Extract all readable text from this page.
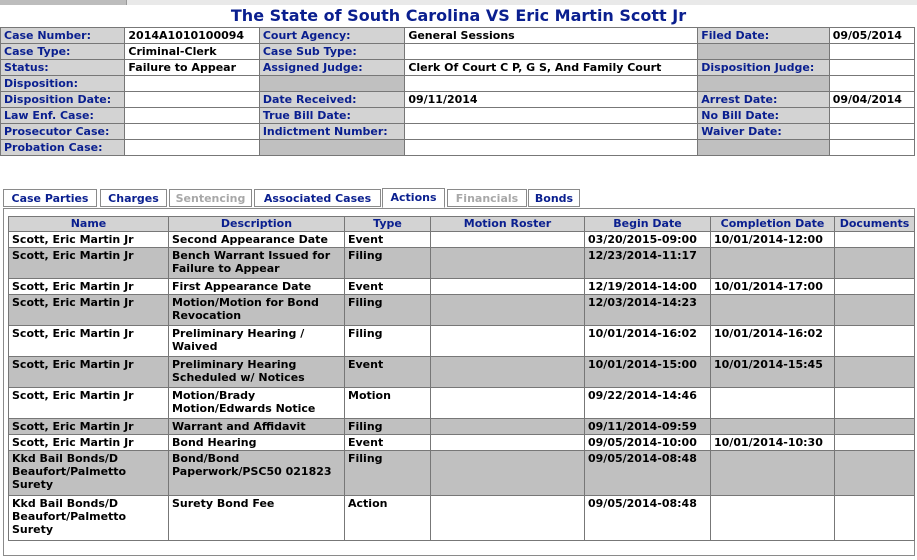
The State of South Carolina VS Eric Martin Scott Jr
Case Number:	2014A1010100094	Court Agency:	General Sessions	Filed Date:	09/05/2014
Case Type:	Criminal-Clerk	Case Sub Type:			
Status:	Failure to Appear	Assigned Judge:	Clerk Of Court C P, G S, And Family Court	Disposition Judge:	
Disposition:					
Disposition Date:		Date Received:	09/11/2014	Arrest Date:	09/04/2014
Law Enf. Case:		True Bill Date:		No Bill Date:	
Prosecutor Case:		Indictment Number:		Waiver Date:	
Probation Case:					
Case Parties	Charges	Sentencing	Associated Cases	Actions	Financials	Bonds
Name	Description	Type	Motion Roster	Begin Date	Completion Date	Documents
Scott, Eric Martin Jr	Second Appearance Date	Event		03/20/2015-09:00	10/01/2014-12:00	
Scott, Eric Martin Jr	Bench Warrant Issued for Failure to Appear	Filing		12/23/2014-11:17		
Scott, Eric Martin Jr	First Appearance Date	Event		12/19/2014-14:00	10/01/2014-17:00	
Scott, Eric Martin Jr	Motion/Motion for Bond Revocation	Filing		12/03/2014-14:23		
Scott, Eric Martin Jr	Preliminary Hearing / Waived	Filing		10/01/2014-16:02	10/01/2014-16:02	
Scott, Eric Martin Jr	Preliminary Hearing Scheduled w/ Notices	Event		10/01/2014-15:00	10/01/2014-15:45	
Scott, Eric Martin Jr	Motion/Brady Motion/Edwards Notice	Motion		09/22/2014-14:46		
Scott, Eric Martin Jr	Warrant and Affidavit	Filing		09/11/2014-09:59		
Scott, Eric Martin Jr	Bond Hearing	Event		09/05/2014-10:00	10/01/2014-10:30	
Kkd Bail Bonds/D Beaufort/Palmetto Surety	Bond/Bond Paperwork/PSC50 021823	Filing		09/05/2014-08:48		
Kkd Bail Bonds/D Beaufort/Palmetto Surety	Surety Bond Fee	Action		09/05/2014-08:48		
